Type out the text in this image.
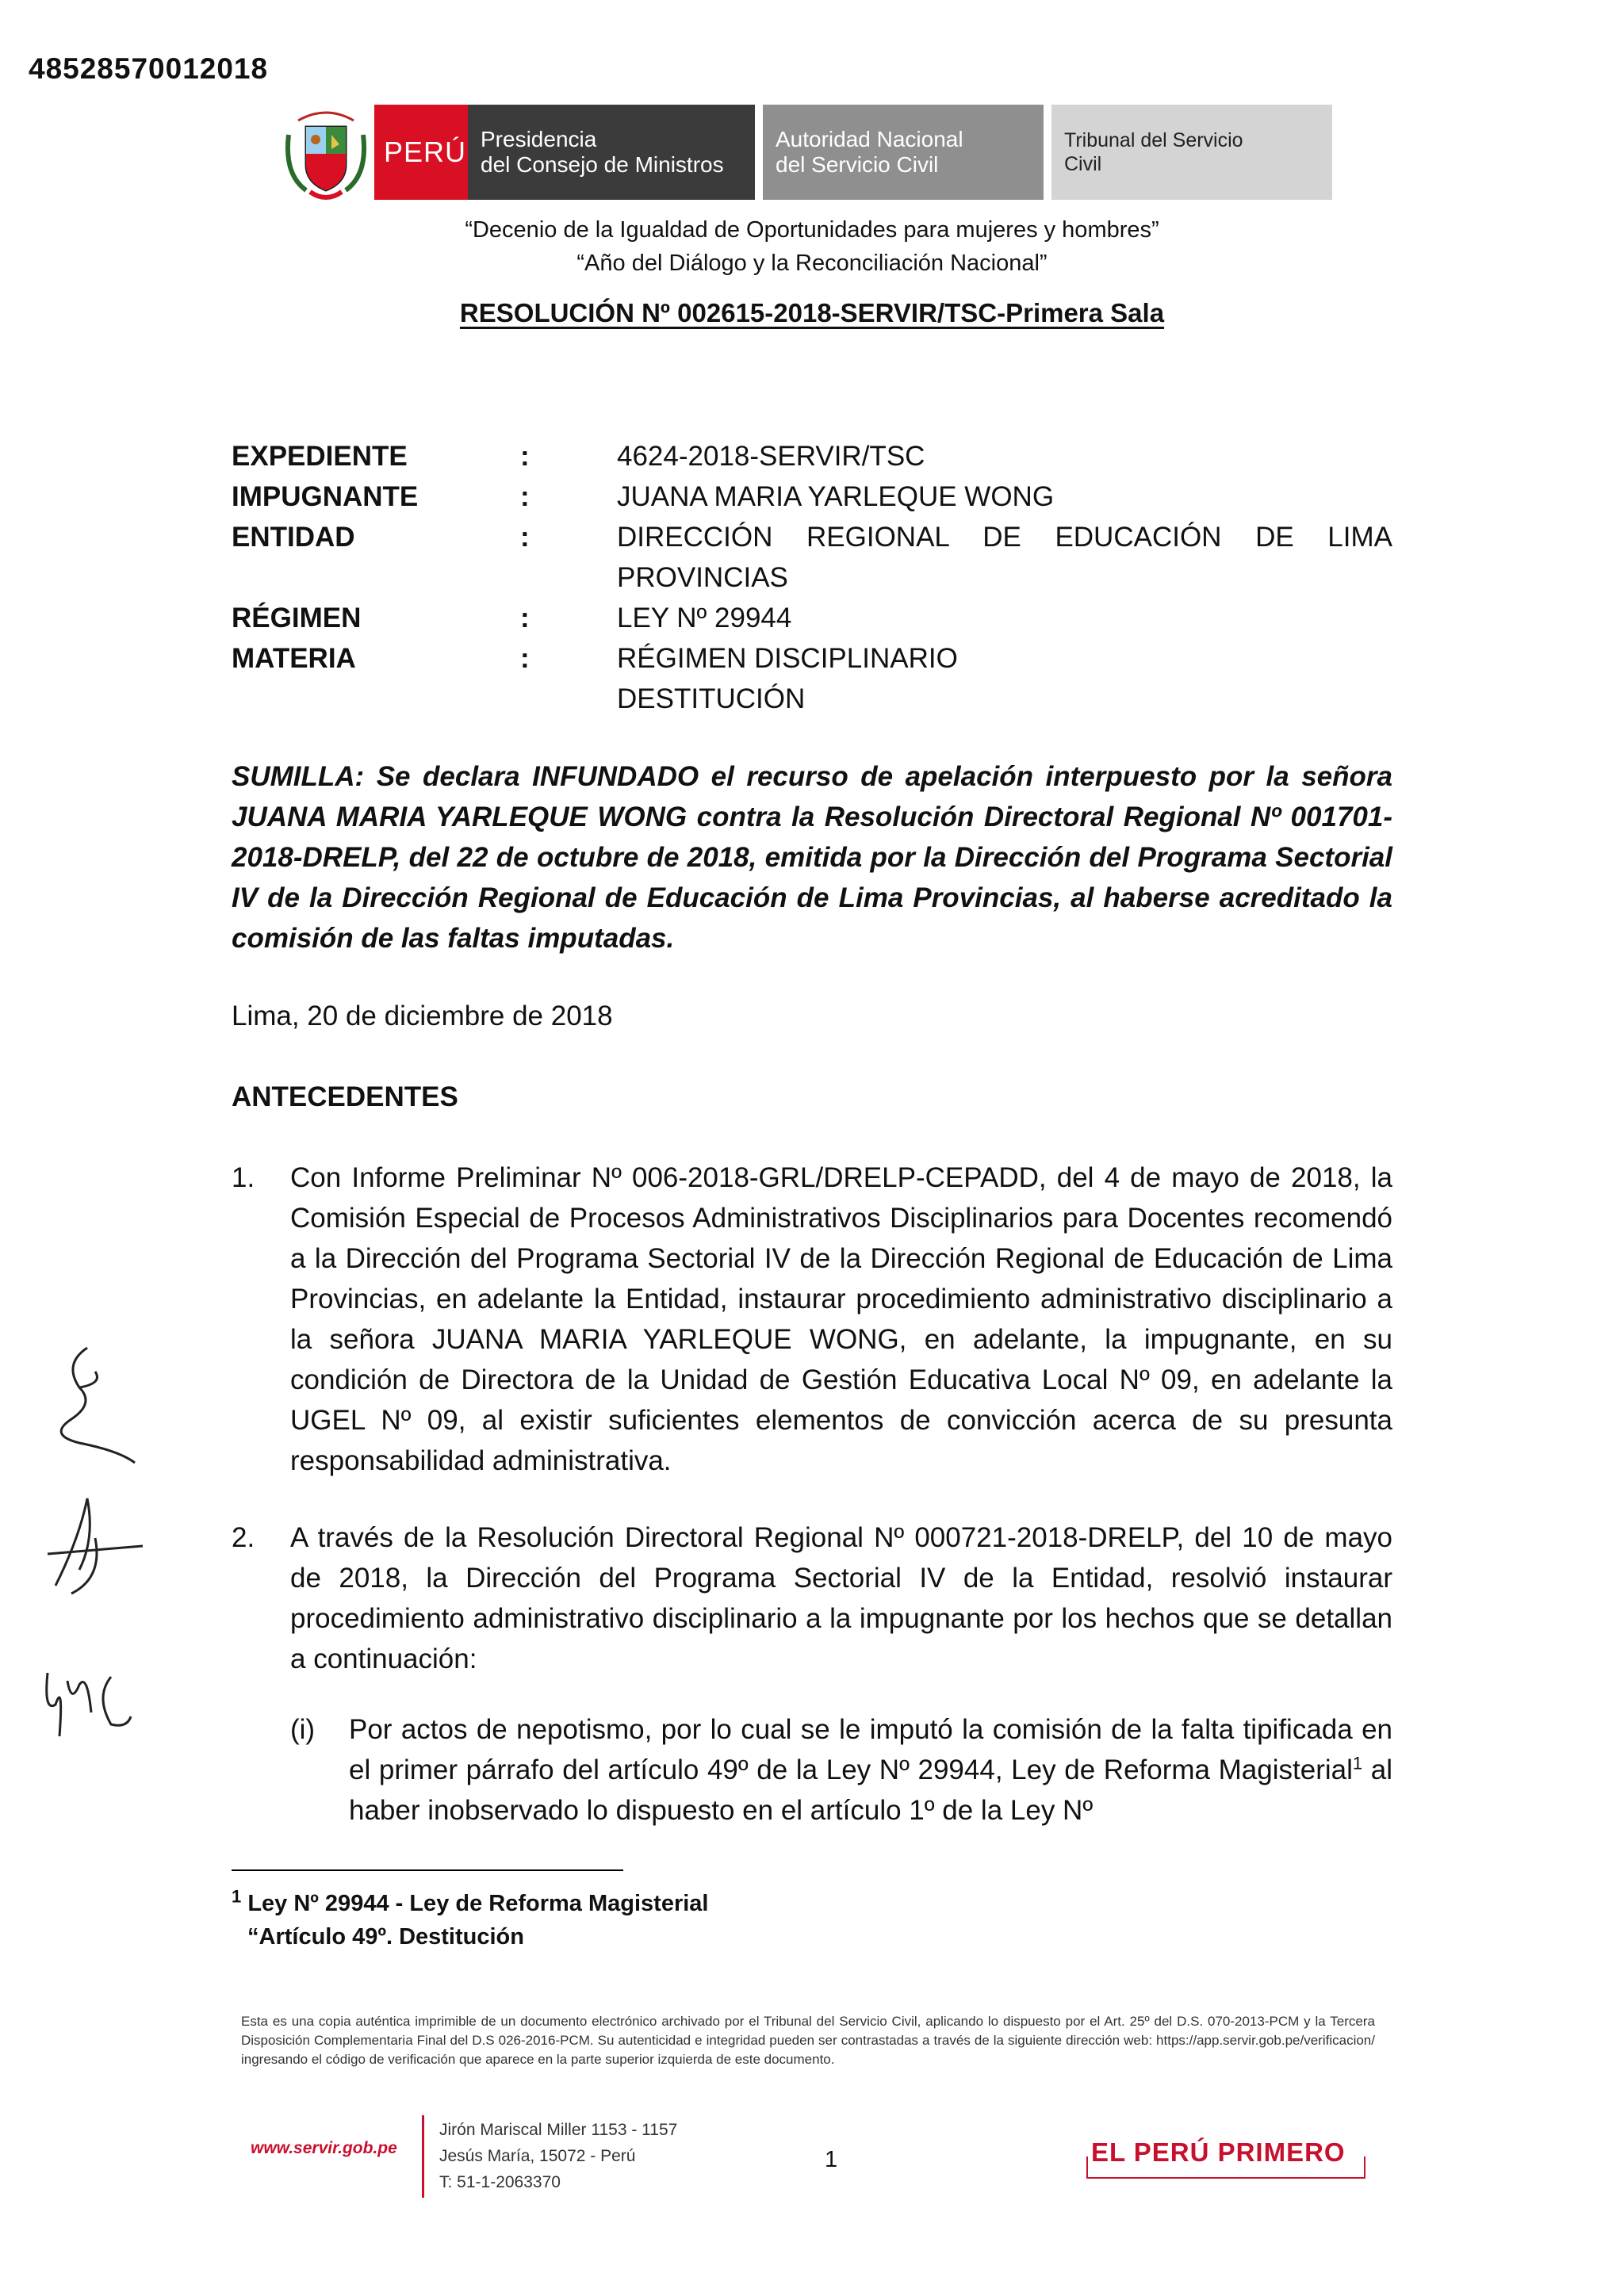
48528570012018
PERÚ Presidencia
del Consejo de Ministros
Autoridad Nacional
del Servicio Civil
Tribunal del Servicio
Civil
“Decenio de la Igualdad de Oportunidades para mujeres y hombres”
“Año del Diálogo y la Reconciliación Nacional”
RESOLUCIÓN Nº 002615-2018-SERVIR/TSC-Primera Sala
EXPEDIENTE	:	4624-2018-SERVIR/TSC
IMPUGNANTE	:	JUANA MARIA YARLEQUE WONG
ENTIDAD	:	DIRECCIÓN REGIONAL DE EDUCACIÓN DE LIMA
PROVINCIAS
RÉGIMEN	:	LEY Nº 29944
MATERIA	:	RÉGIMEN DISCIPLINARIO
DESTITUCIÓN
SUMILLA: Se declara INFUNDADO el recurso de apelación interpuesto por la señora JUANA MARIA YARLEQUE WONG contra la Resolución Directoral Regional Nº 001701-2018-DRELP, del 22 de octubre de 2018, emitida por la Dirección del Programa Sectorial IV de la Dirección Regional de Educación de Lima Provincias, al haberse acreditado la comisión de las faltas imputadas.
Lima, 20 de diciembre de 2018
ANTECEDENTES
1.	Con Informe Preliminar Nº 006-2018-GRL/DRELP-CEPADD, del 4 de mayo de 2018, la Comisión Especial de Procesos Administrativos Disciplinarios para Docentes recomendó a la Dirección del Programa Sectorial IV de la Dirección Regional de Educación de Lima Provincias, en adelante la Entidad, instaurar procedimiento administrativo disciplinario a la señora JUANA MARIA YARLEQUE WONG, en adelante, la impugnante, en su condición de Directora de la Unidad de Gestión Educativa Local Nº 09, en adelante la UGEL Nº 09, al existir suficientes elementos de convicción acerca de su presunta responsabilidad administrativa.
2.	A través de la Resolución Directoral Regional Nº 000721-2018-DRELP, del 10 de mayo de 2018, la Dirección del Programa Sectorial IV de la Entidad, resolvió instaurar procedimiento administrativo disciplinario a la impugnante por los hechos que se detallan a continuación:
(i)	Por actos de nepotismo, por lo cual se le imputó la comisión de la falta tipificada en el primer párrafo del artículo 49º de la Ley Nº 29944, Ley de Reforma Magisterial$^1$ al haber inobservado lo dispuesto en el artículo 1º de la Ley Nº
$^1$ Ley Nº 29944 - Ley de Reforma Magisterial
“Artículo 49º. Destitución
Esta es una copia auténtica imprimible de un documento electrónico archivado por el Tribunal del Servicio Civil, aplicando lo dispuesto por el Art. 25º del D.S. 070-2013-PCM y la Tercera Disposición Complementaria Final del D.S 026-2016-PCM. Su autenticidad e integridad pueden ser contrastadas a través de la siguiente dirección web: https://app.servir.gob.pe/verificacion/ ingresando el código de verificación que aparece en la parte superior izquierda de este documento.
www.servir.gob.pe
Jirón Mariscal Miller 1153 - 1157
Jesús María, 15072 - Perú
T: 51-1-2063370
1	EL PERÚ PRIMERO
